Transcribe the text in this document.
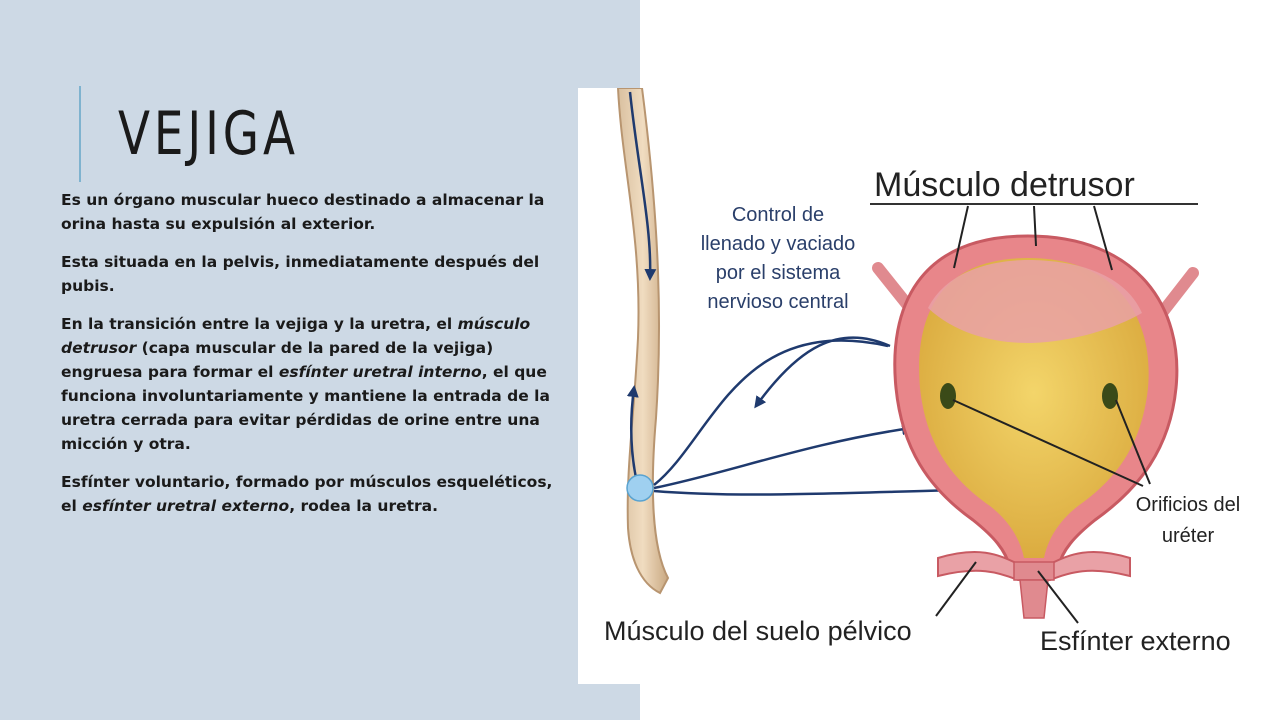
VEJIGA

Es un órgano muscular hueco destinado a almacenar la orina hasta su expulsión al exterior.

Esta situada en la pelvis, inmediatamente después del pubis.

En la transición entre la vejiga y la uretra, el músculo detrusor (capa muscular de la pared de la vejiga) engruesa para formar el esfínter uretral interno, el que funciona involuntariamente y mantiene la entrada de la uretra cerrada para evitar pérdidas de orine entre una micción y otra.

Esfínter voluntario, formado por músculos esqueléticos, el esfínter uretral externo, rodea la uretra.

Músculo detrusor
Control de
llenado y vaciado
por el sistema
nervioso central
Orificios del
uréter
Músculo del suelo pélvico	Esfínter externo
